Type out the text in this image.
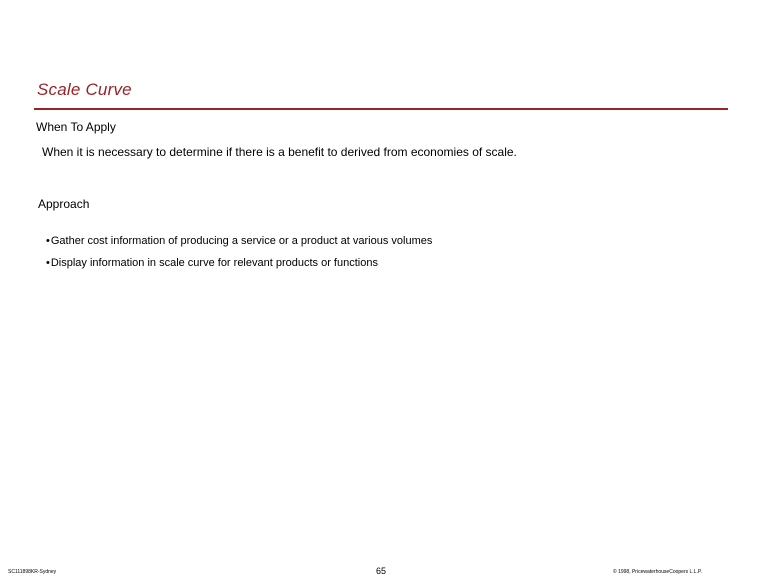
Scale Curve
When To Apply
When it is necessary to determine if there is a benefit to derived from economies of scale.
Approach
•Gather cost information of producing a service or a product at various volumes
•Display information in scale curve for relevant products or functions
SC111898KR-Sydney	65	© 1998, PricewaterhouseCoopers L.L.P.
